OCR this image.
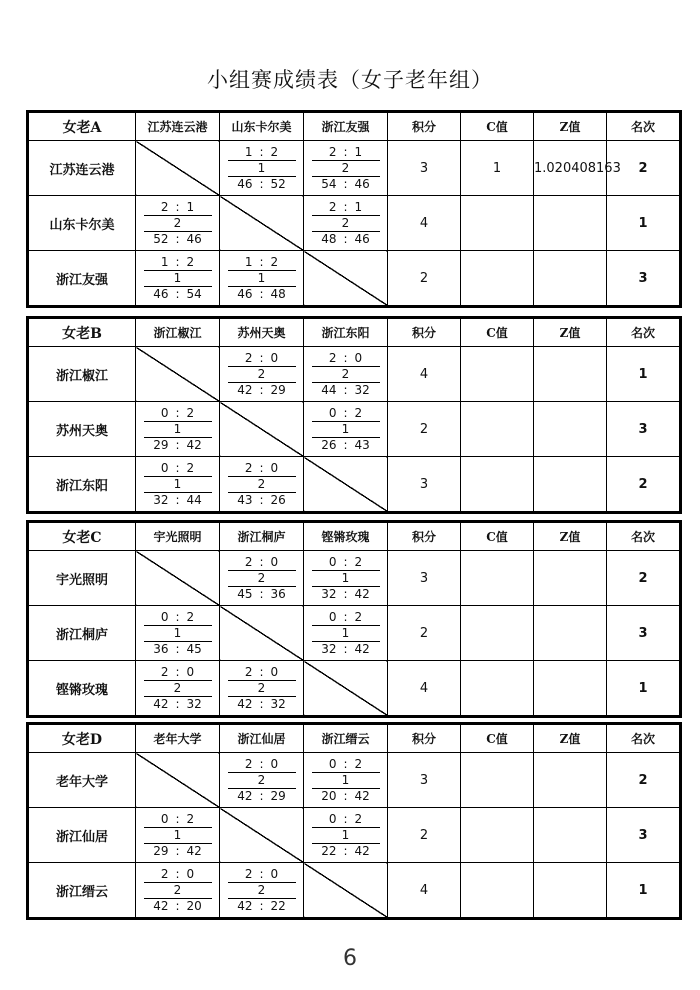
小组赛成绩表（女子老年组）
女老A	江苏连云港	山东卡尔美	浙江友强	积分	C值	Z值	名次
江苏连云港		1 : 2
1
46 : 52	2 : 1
2
54 : 46	3	1	1.020408163	2
山东卡尔美	2 : 1
2
52 : 46		2 : 1
2
48 : 46	4			1
浙江友强	1 : 2
1
46 : 54	1 : 2
1
46 : 48		2			3
女老B	浙江椒江	苏州天奥	浙江东阳	积分	C值	Z值	名次
浙江椒江		2 : 0
2
42 : 29	2 : 0
2
44 : 32	4			1
苏州天奥	0 : 2
1
29 : 42		0 : 2
1
26 : 43	2			3
浙江东阳	0 : 2
1
32 : 44	2 : 0
2
43 : 26		3			2
女老C	宇光照明	浙江桐庐	铿锵玫瑰	积分	C值	Z值	名次
宇光照明		2 : 0
2
45 : 36	0 : 2
1
32 : 42	3			2
浙江桐庐	0 : 2
1
36 : 45		0 : 2
1
32 : 42	2			3
铿锵玫瑰	2 : 0
2
42 : 32	2 : 0
2
42 : 32		4			1
女老D	老年大学	浙江仙居	浙江缙云	积分	C值	Z值	名次
老年大学		2 : 0
2
42 : 29	0 : 2
1
20 : 42	3			2
浙江仙居	0 : 2
1
29 : 42		0 : 2
1
22 : 42	2			3
浙江缙云	2 : 0
2
42 : 20	2 : 0
2
42 : 22		4			1
6
